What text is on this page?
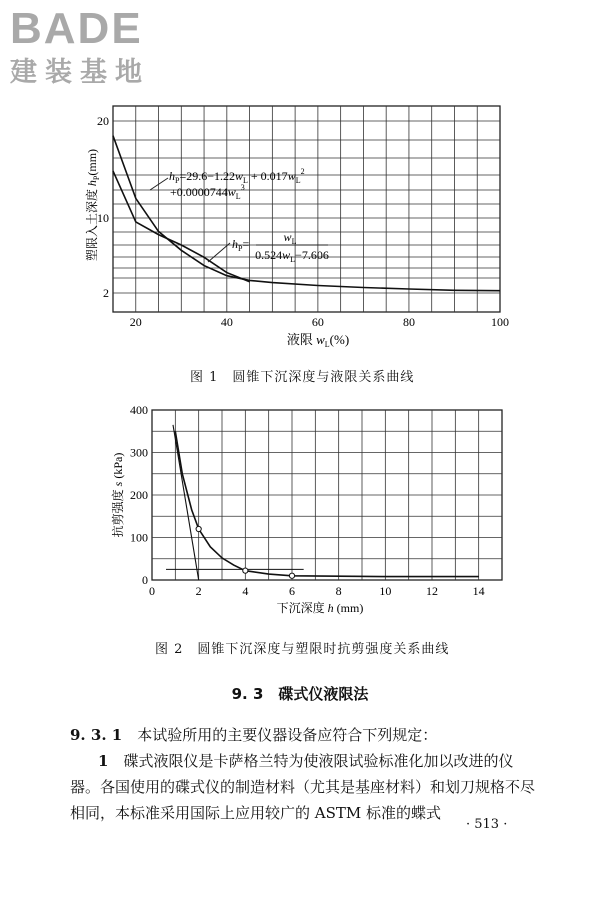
BADE
建装基地
20	40	60	80	100
2
10
20
塑限入土深度 $h_P(mm)$
液限 $w_L(\%)$
$h_P=29.6-1.22w_L + 0.017w_L^2$
$+0.0000744w_L^3$
$h_P=$	$w_L$
$0.524w_L-7.606$
图 1　圆锥下沉深度与液限关系曲线
0	2	4	6	8	10	12	14
0
100
200
300
400
抗剪强度 s (kPa)
下沉深度 h (mm)
图 2　圆锥下沉深度与塑限时抗剪强度关系曲线
9. 3　碟式仪液限法

9. 3. 1　本试验所用的主要仪器设备应符合下列规定：

1　碟式液限仪是卡萨格兰特为使液限试验标准化加以改进的仪器。各国使用的碟式仪的制造材料（尤其是基座材料）和划刀规格不尽相同，本标准采用国际上应用较广的 ASTM 标准的蝶式

· 513 ·
